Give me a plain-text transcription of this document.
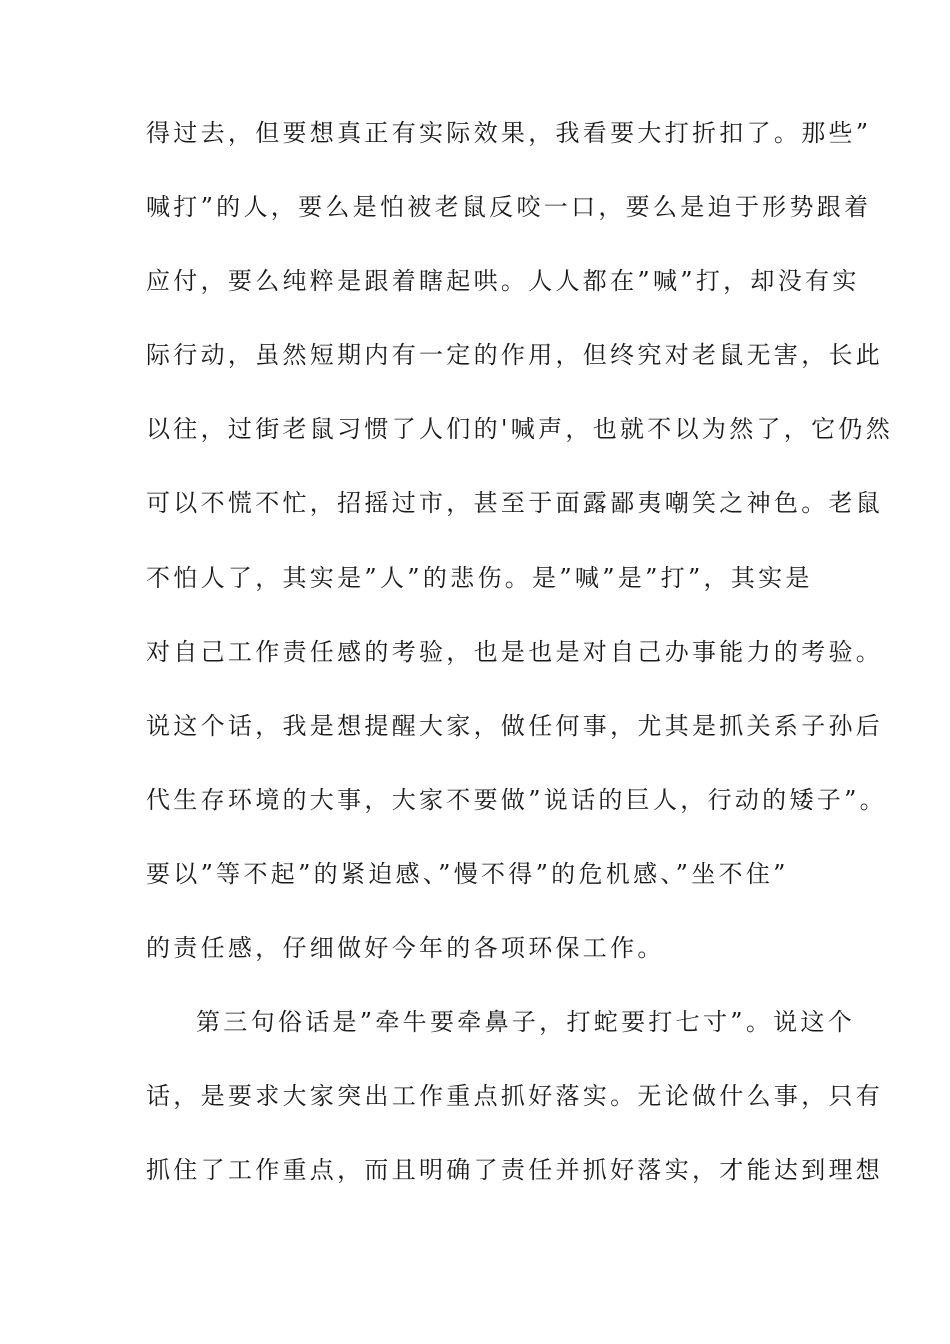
得过去，但要想真正有实际效果，我看要大打折扣了。那些”
喊打”的人，要么是怕被老鼠反咬一口，要么是迫于形势跟着
应付，要么纯粹是跟着瞎起哄。人人都在”喊”打，却没有实
际行动，虽然短期内有一定的作用，但终究对老鼠无害，长此
以往，过街老鼠习惯了人们的'喊声，也就不以为然了，它仍然
可以不慌不忙，招摇过市，甚至于面露鄙夷嘲笑之神色。老鼠
不怕人了，其实是”人”的悲伤。是”喊”是”打”，其实是
对自己工作责任感的考验，也是也是对自己办事能力的考验。
说这个话，我是想提醒大家，做任何事，尤其是抓关系子孙后
代生存环境的大事，大家不要做”说话的巨人，行动的矮子”。
要以”等不起”的紧迫感、”慢不得”的危机感、”坐不住”
的责任感，仔细做好今年的各项环保工作。
第三句俗话是”牵牛要牵鼻子，打蛇要打七寸”。说这个
话，是要求大家突出工作重点抓好落实。无论做什么事，只有
抓住了工作重点，而且明确了责任并抓好落实，才能达到理想
